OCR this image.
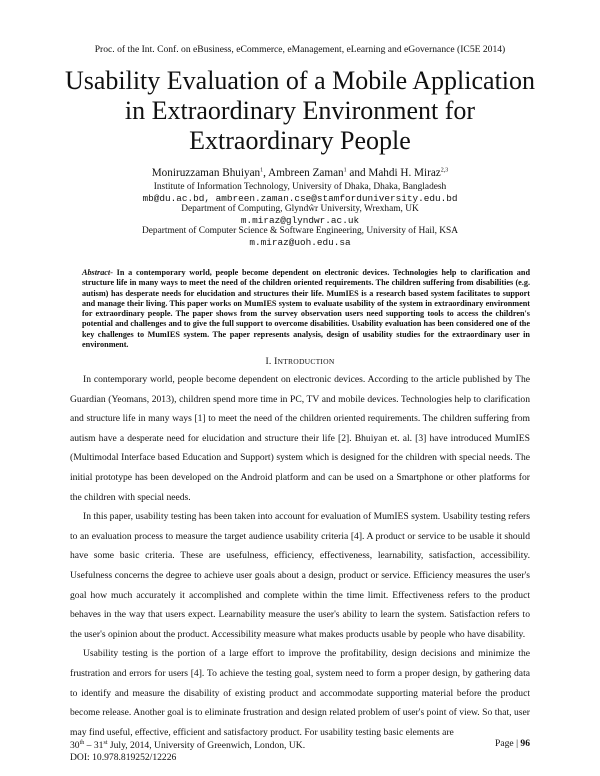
Proc. of the Int. Conf. on eBusiness, eCommerce, eManagement, eLearning and eGovernance (IC5E 2014)
Usability Evaluation of a Mobile Application
in Extraordinary Environment for
Extraordinary People
Moniruzzaman Bhuiyan$^1$, Ambreen Zaman$^1$ and Mahdi H. Miraz$^{2,3}$
Institute of Information Technology, University of Dhaka, Dhaka, Bangladesh
mb@du.ac.bd, ambreen.zaman.cse@stamforduniversity.edu.bd
Department of Computing, Glyndŵr University, Wrexham, UK
m.miraz@glyndwr.ac.uk
Department of Computer Science & Software Engineering, University of Hail, KSA
m.miraz@uoh.edu.sa

Abstract- In a contemporary world, people become dependent on electronic devices. Technologies help to clarification and structure life in many ways to meet the need of the children oriented requirements. The children suffering from disabilities (e.g. autism) has desperate needs for elucidation and structures their life. MumIES is a research based system facilitates to support and manage their living. This paper works on MumIES system to evaluate usability of the system in extraordinary environment for extraordinary people. The paper shows from the survey observation users need supporting tools to access the children's potential and challenges and to give the full support to overcome disabilities. Usability evaluation has been considered one of the key challenges to MumIES system. The paper represents analysis, design of usability studies for the extraordinary user in environment.

I. INTRODUCTION

In contemporary world, people become dependent on electronic devices. According to the article published by The Guardian (Yeomans, 2013), children spend more time in PC, TV and mobile devices. Technologies help to clarification and structure life in many ways [1] to meet the need of the children oriented requirements. The children suffering from autism have a desperate need for elucidation and structure their life [2]. Bhuiyan et. al. [3] have introduced MumIES (Multimodal Interface based Education and Support) system which is designed for the children with special needs. The initial prototype has been developed on the Android platform and can be used on a Smartphone or other platforms for the children with special needs.

In this paper, usability testing has been taken into account for evaluation of MumIES system. Usability testing refers to an evaluation process to measure the target audience usability criteria [4]. A product or service to be usable it should have some basic criteria. These are usefulness, efficiency, effectiveness, learnability, satisfaction, accessibility. Usefulness concerns the degree to achieve user goals about a design, product or service. Efficiency measures the user's goal how much accurately it accomplished and complete within the time limit. Effectiveness refers to the product behaves in the way that users expect. Learnability measure the user's ability to learn the system. Satisfaction refers to the user's opinion about the product. Accessibility measure what makes products usable by people who have disability.

Usability testing is the portion of a large effort to improve the profitability, design decisions and minimize the frustration and errors for users [4]. To achieve the testing goal, system need to form a proper design, by gathering data to identify and measure the disability of existing product and accommodate supporting material before the product become release. Another goal is to eliminate frustration and design related problem of user's point of view. So that, user may find useful, effective, efficient and satisfactory product. For usability testing basic elements are

30th – 31st July, 2014, University of Greenwich, London, UK.
DOI: 10.978.819252/12226
Page | 96
